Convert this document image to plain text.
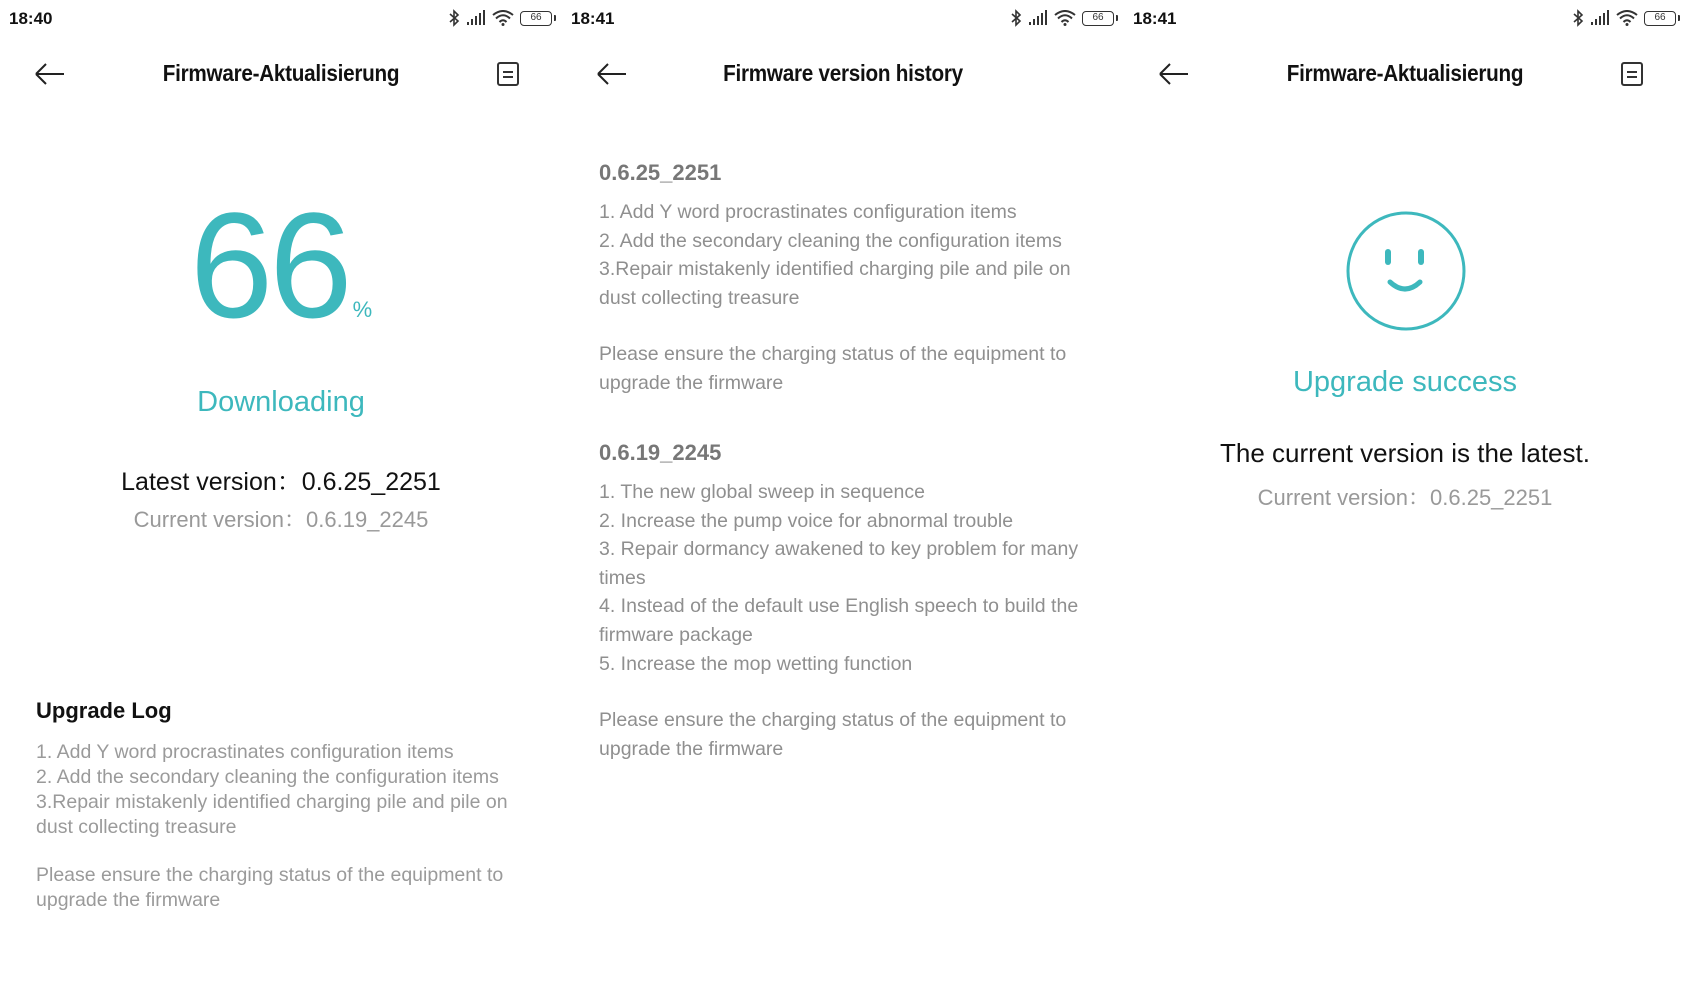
18:40	66
Firmware-Aktualisierung
66 %
Downloading
Latest version：0.6.25_2251
Current version：0.6.19_2245
Upgrade Log
1. Add Y word procrastinates configuration items
2. Add the secondary cleaning the configuration items
3.Repair mistakenly identified charging pile and pile on dust collecting treasure
Please ensure the charging status of the equipment to upgrade the firmware
18:41	66
Firmware version history
0.6.25_2251
1. Add Y word procrastinates configuration items
2. Add the secondary cleaning the configuration items
3.Repair mistakenly identified charging pile and pile on dust collecting treasure
Please ensure the charging status of the equipment to upgrade the firmware
0.6.19_2245
1. The new global sweep in sequence
2. Increase the pump voice for abnormal trouble
3. Repair dormancy awakened to key problem for many times
4. Instead of the default use English speech to build the firmware package
5. Increase the mop wetting function
Please ensure the charging status of the equipment to upgrade the firmware
18:41	66
Firmware-Aktualisierung
Upgrade success
The current version is the latest.
Current version：0.6.25_2251
